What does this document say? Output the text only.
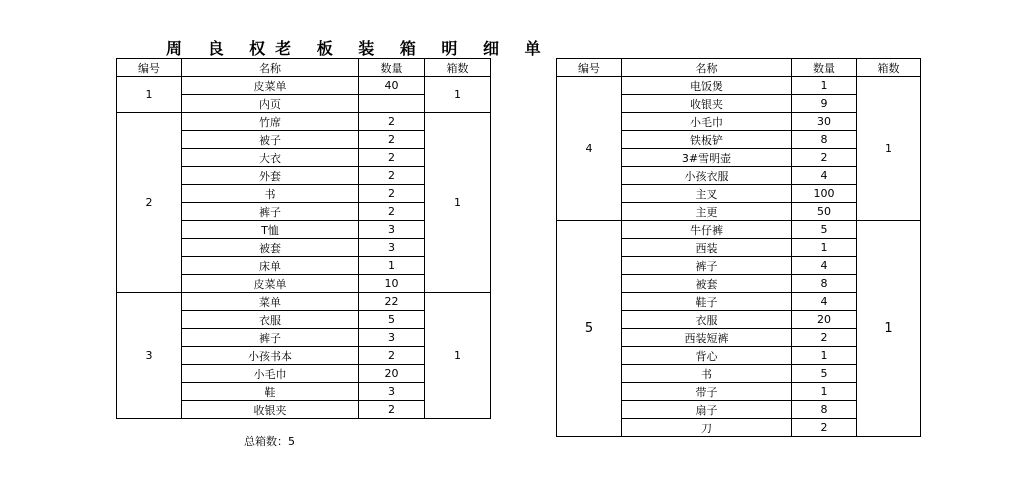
周 良 权老 板 装 箱 明 细 单
编号	名称	数量	箱数
1	皮菜单	40	1
	内页		
2	竹席	2	1
	被子	2	
	大衣	2	
	外套	2	
	书	2	
	裤子	2	
	T恤	3	
	被套	3	
	床单	1	
	皮菜单	10	
3	菜单	22	1
	衣服	5	
	裤子	3	
	小孩书本	2	
	小毛巾	20	
	鞋	3	
	收银夹	2	
编号	名称	数量	箱数
4	电饭煲	1	1
	收银夹	9	
	小毛巾	30	
	铁板铲	8	
	3#雪明壶	2	
	小孩衣服	4	
	主叉	100	
	主更	50	
5	牛仔裤	5	1
	西装	1	
	裤子	4	
	被套	8	
	鞋子	4	
	衣服	20	
	西装短裤	2	
	背心	1	
	书	5	
	带子	1	
	扇子	8	
	刀	2	
总箱数：5
